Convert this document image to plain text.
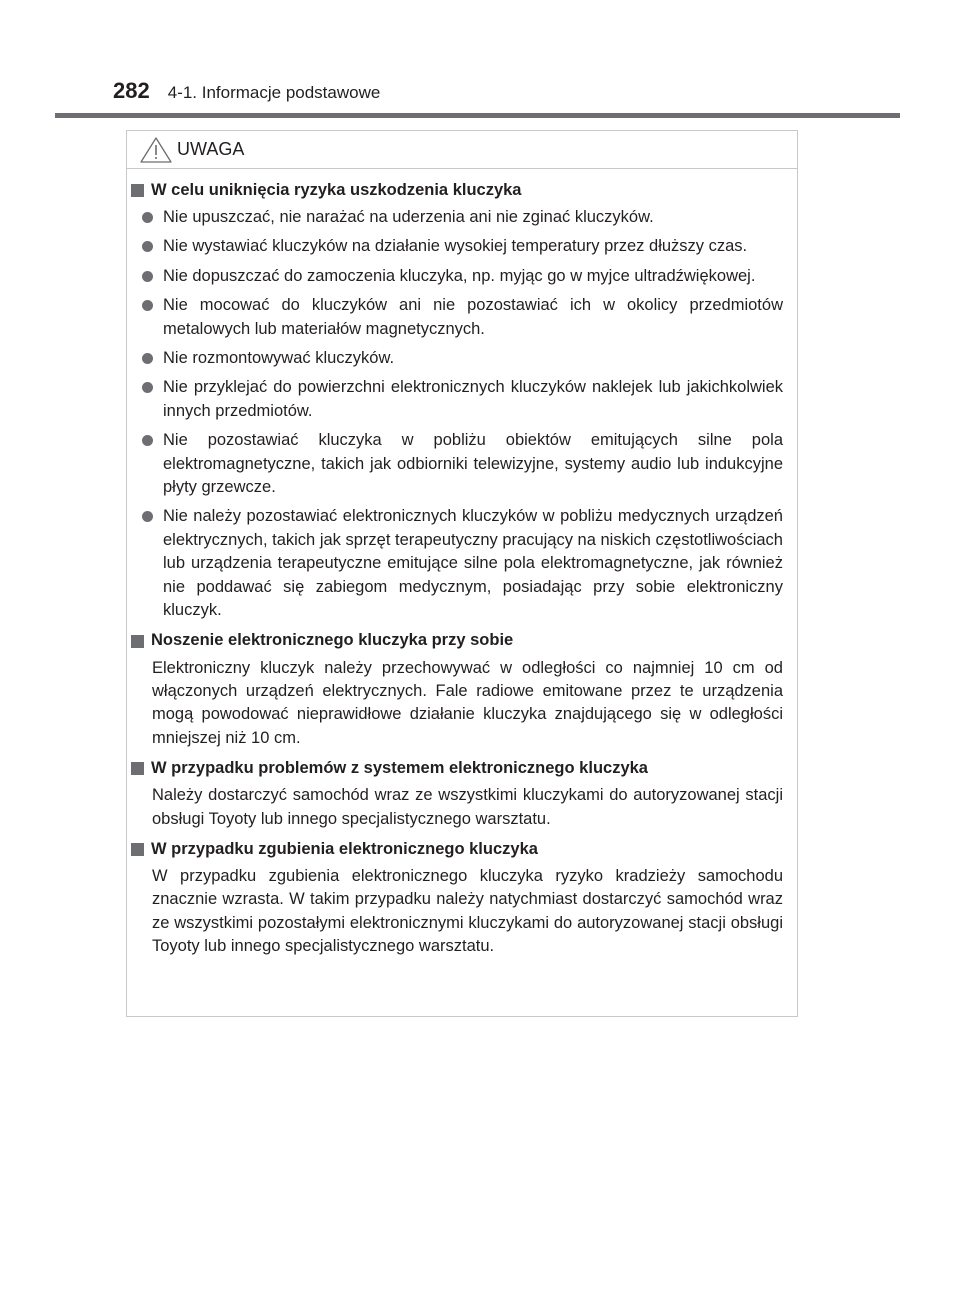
282 4-1. Informacje podstawowe
UWAGA
W celu uniknięcia ryzyka uszkodzenia kluczyka
Nie upuszczać, nie narażać na uderzenia ani nie zginać kluczyków.
Nie wystawiać kluczyków na działanie wysokiej temperatury przez dłuższy czas.
Nie dopuszczać do zamoczenia kluczyka, np. myjąc go w myjce ultradźwiękowej.
Nie mocować do kluczyków ani nie pozostawiać ich w okolicy przedmiotów metalowych lub materiałów magnetycznych.
Nie rozmontowywać kluczyków.
Nie przyklejać do powierzchni elektronicznych kluczyków naklejek lub jakichkolwiek innych przedmiotów.
Nie pozostawiać kluczyka w pobliżu obiektów emitujących silne pola elektromagnetyczne, takich jak odbiorniki telewizyjne, systemy audio lub indukcyjne płyty grzewcze.
Nie należy pozostawiać elektronicznych kluczyków w pobliżu medycznych urządzeń elektrycznych, takich jak sprzęt terapeutyczny pracujący na niskich częstotliwościach lub urządzenia terapeutyczne emitujące silne pola elektromagnetyczne, jak również nie poddawać się zabiegom medycznym, posiadając przy sobie elektroniczny kluczyk.
Noszenie elektronicznego kluczyka przy sobie
Elektroniczny kluczyk należy przechowywać w odległości co najmniej 10 cm od włączonych urządzeń elektrycznych. Fale radiowe emitowane przez te urządzenia mogą powodować nieprawidłowe działanie kluczyka znajdującego się w odległości mniejszej niż 10 cm.
W przypadku problemów z systemem elektronicznego kluczyka
Należy dostarczyć samochód wraz ze wszystkimi kluczykami do autoryzowanej stacji obsługi Toyoty lub innego specjalistycznego warsztatu.
W przypadku zgubienia elektronicznego kluczyka
W przypadku zgubienia elektronicznego kluczyka ryzyko kradzieży samochodu znacznie wzrasta. W takim przypadku należy natychmiast dostarczyć samochód wraz ze wszystkimi pozostałymi elektronicznymi kluczykami do autoryzowanej stacji obsługi Toyoty lub innego specjalistycznego warsztatu.
